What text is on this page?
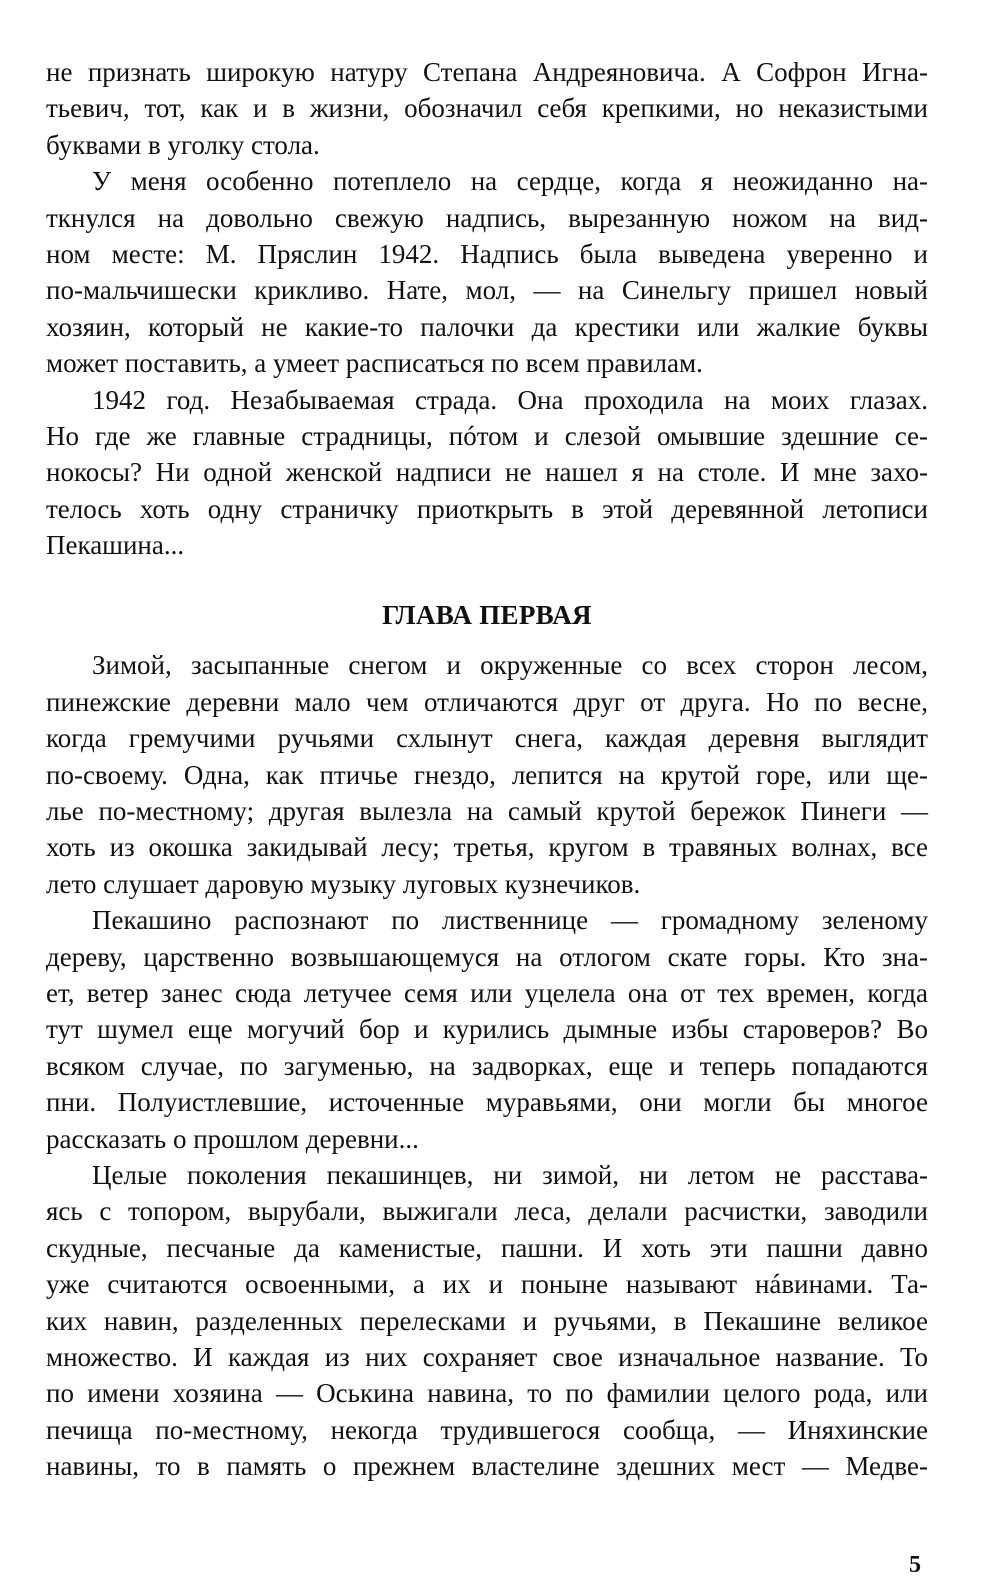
не признать широкую натуру Степана Андреяновича. А Софрон Игна-
тьевич, тот, как и в жизни, обозначил себя крепкими, но неказистыми
буквами в уголку стола.
У меня особенно потеплело на сердце, когда я неожиданно на-
ткнулся на довольно свежую надпись, вырезанную ножом на вид-
ном месте: М. Пряслин 1942. Надпись была выведена уверенно и
по-мальчишески крикливо. Нате, мол, — на Синельгу пришел новый
хозяин, который не какие-то палочки да крестики или жалкие буквы
может поставить, а умеет расписаться по всем правилам.
1942 год. Незабываемая страда. Она проходила на моих глазах.
Но где же главные страдницы, пóтом и слезой омывшие здешние се-
нокосы? Ни одной женской надписи не нашел я на столе. И мне захо-
телось хоть одну страничку приоткрыть в этой деревянной летописи
Пекашина...
ГЛАВА ПЕРВАЯ
Зимой, засыпанные снегом и окруженные со всех сторон лесом,
пинежские деревни мало чем отличаются друг от друга. Но по весне,
когда гремучими ручьями схлынут снега, каждая деревня выглядит
по-своему. Одна, как птичье гнездо, лепится на крутой горе, или ще-
лье по-местному; другая вылезла на самый крутой бережок Пинеги —
хоть из окошка закидывай лесу; третья, кругом в травяных волнах, все
лето слушает даровую музыку луговых кузнечиков.
Пекашино распознают по лиственнице — громадному зеленому
дереву, царственно возвышающемуся на отлогом скате горы. Кто зна-
ет, ветер занес сюда летучее семя или уцелела она от тех времен, когда
тут шумел еще могучий бор и курились дымные избы староверов? Во
всяком случае, по загуменью, на задворках, еще и теперь попадаются
пни. Полуистлевшие, источенные муравьями, они могли бы многое
рассказать о прошлом деревни...
Целые поколения пекашинцев, ни зимой, ни летом не расстава-
ясь с топором, вырубали, выжигали леса, делали расчистки, заводили
скудные, песчаные да каменистые, пашни. И хоть эти пашни давно
уже считаются освоенными, а их и поныне называют нáвинами. Та-
ких навин, разделенных перелесками и ручьями, в Пекашине великое
множество. И каждая из них сохраняет свое изначальное название. То
по имени хозяина — Оськина навина, то по фамилии целого рода, или
печища по-местному, некогда трудившегося сообща, — Иняхинские
навины, то в память о прежнем властелине здешних мест — Медве-
5
